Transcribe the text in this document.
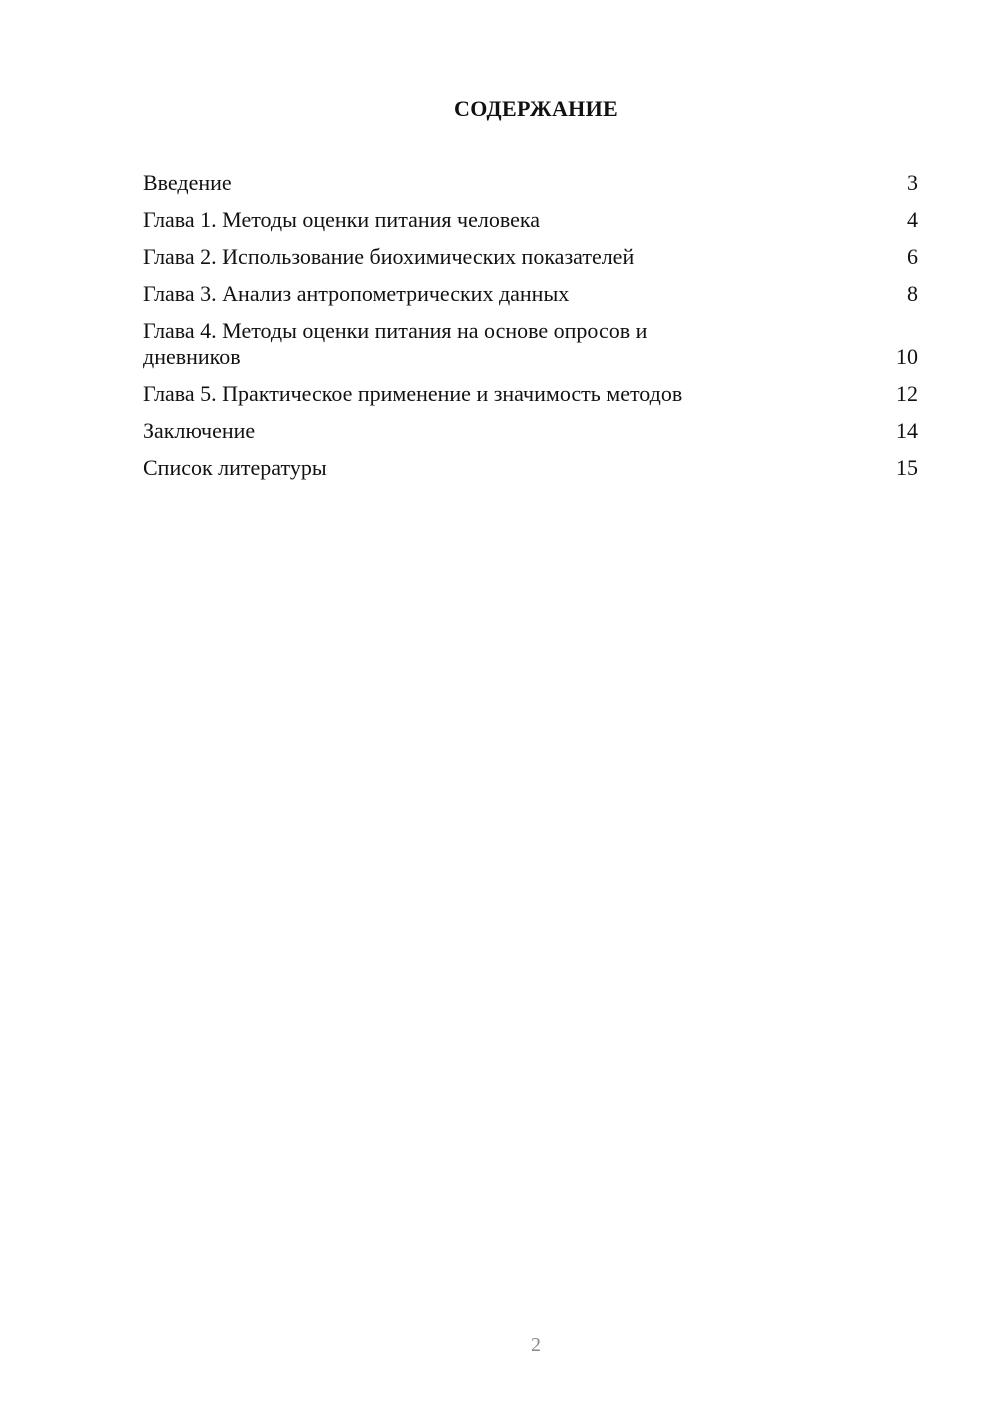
СОДЕРЖАНИЕ
Введение	3
Глава 1. Методы оценки питания человека	4
Глава 2. Использование биохимических показателей	6
Глава 3. Анализ антропометрических данных	8
Глава 4. Методы оценки питания на основе опросов и дневников	10
Глава 5. Практическое применение и значимость методов	12
Заключение	14
Список литературы	15
2
